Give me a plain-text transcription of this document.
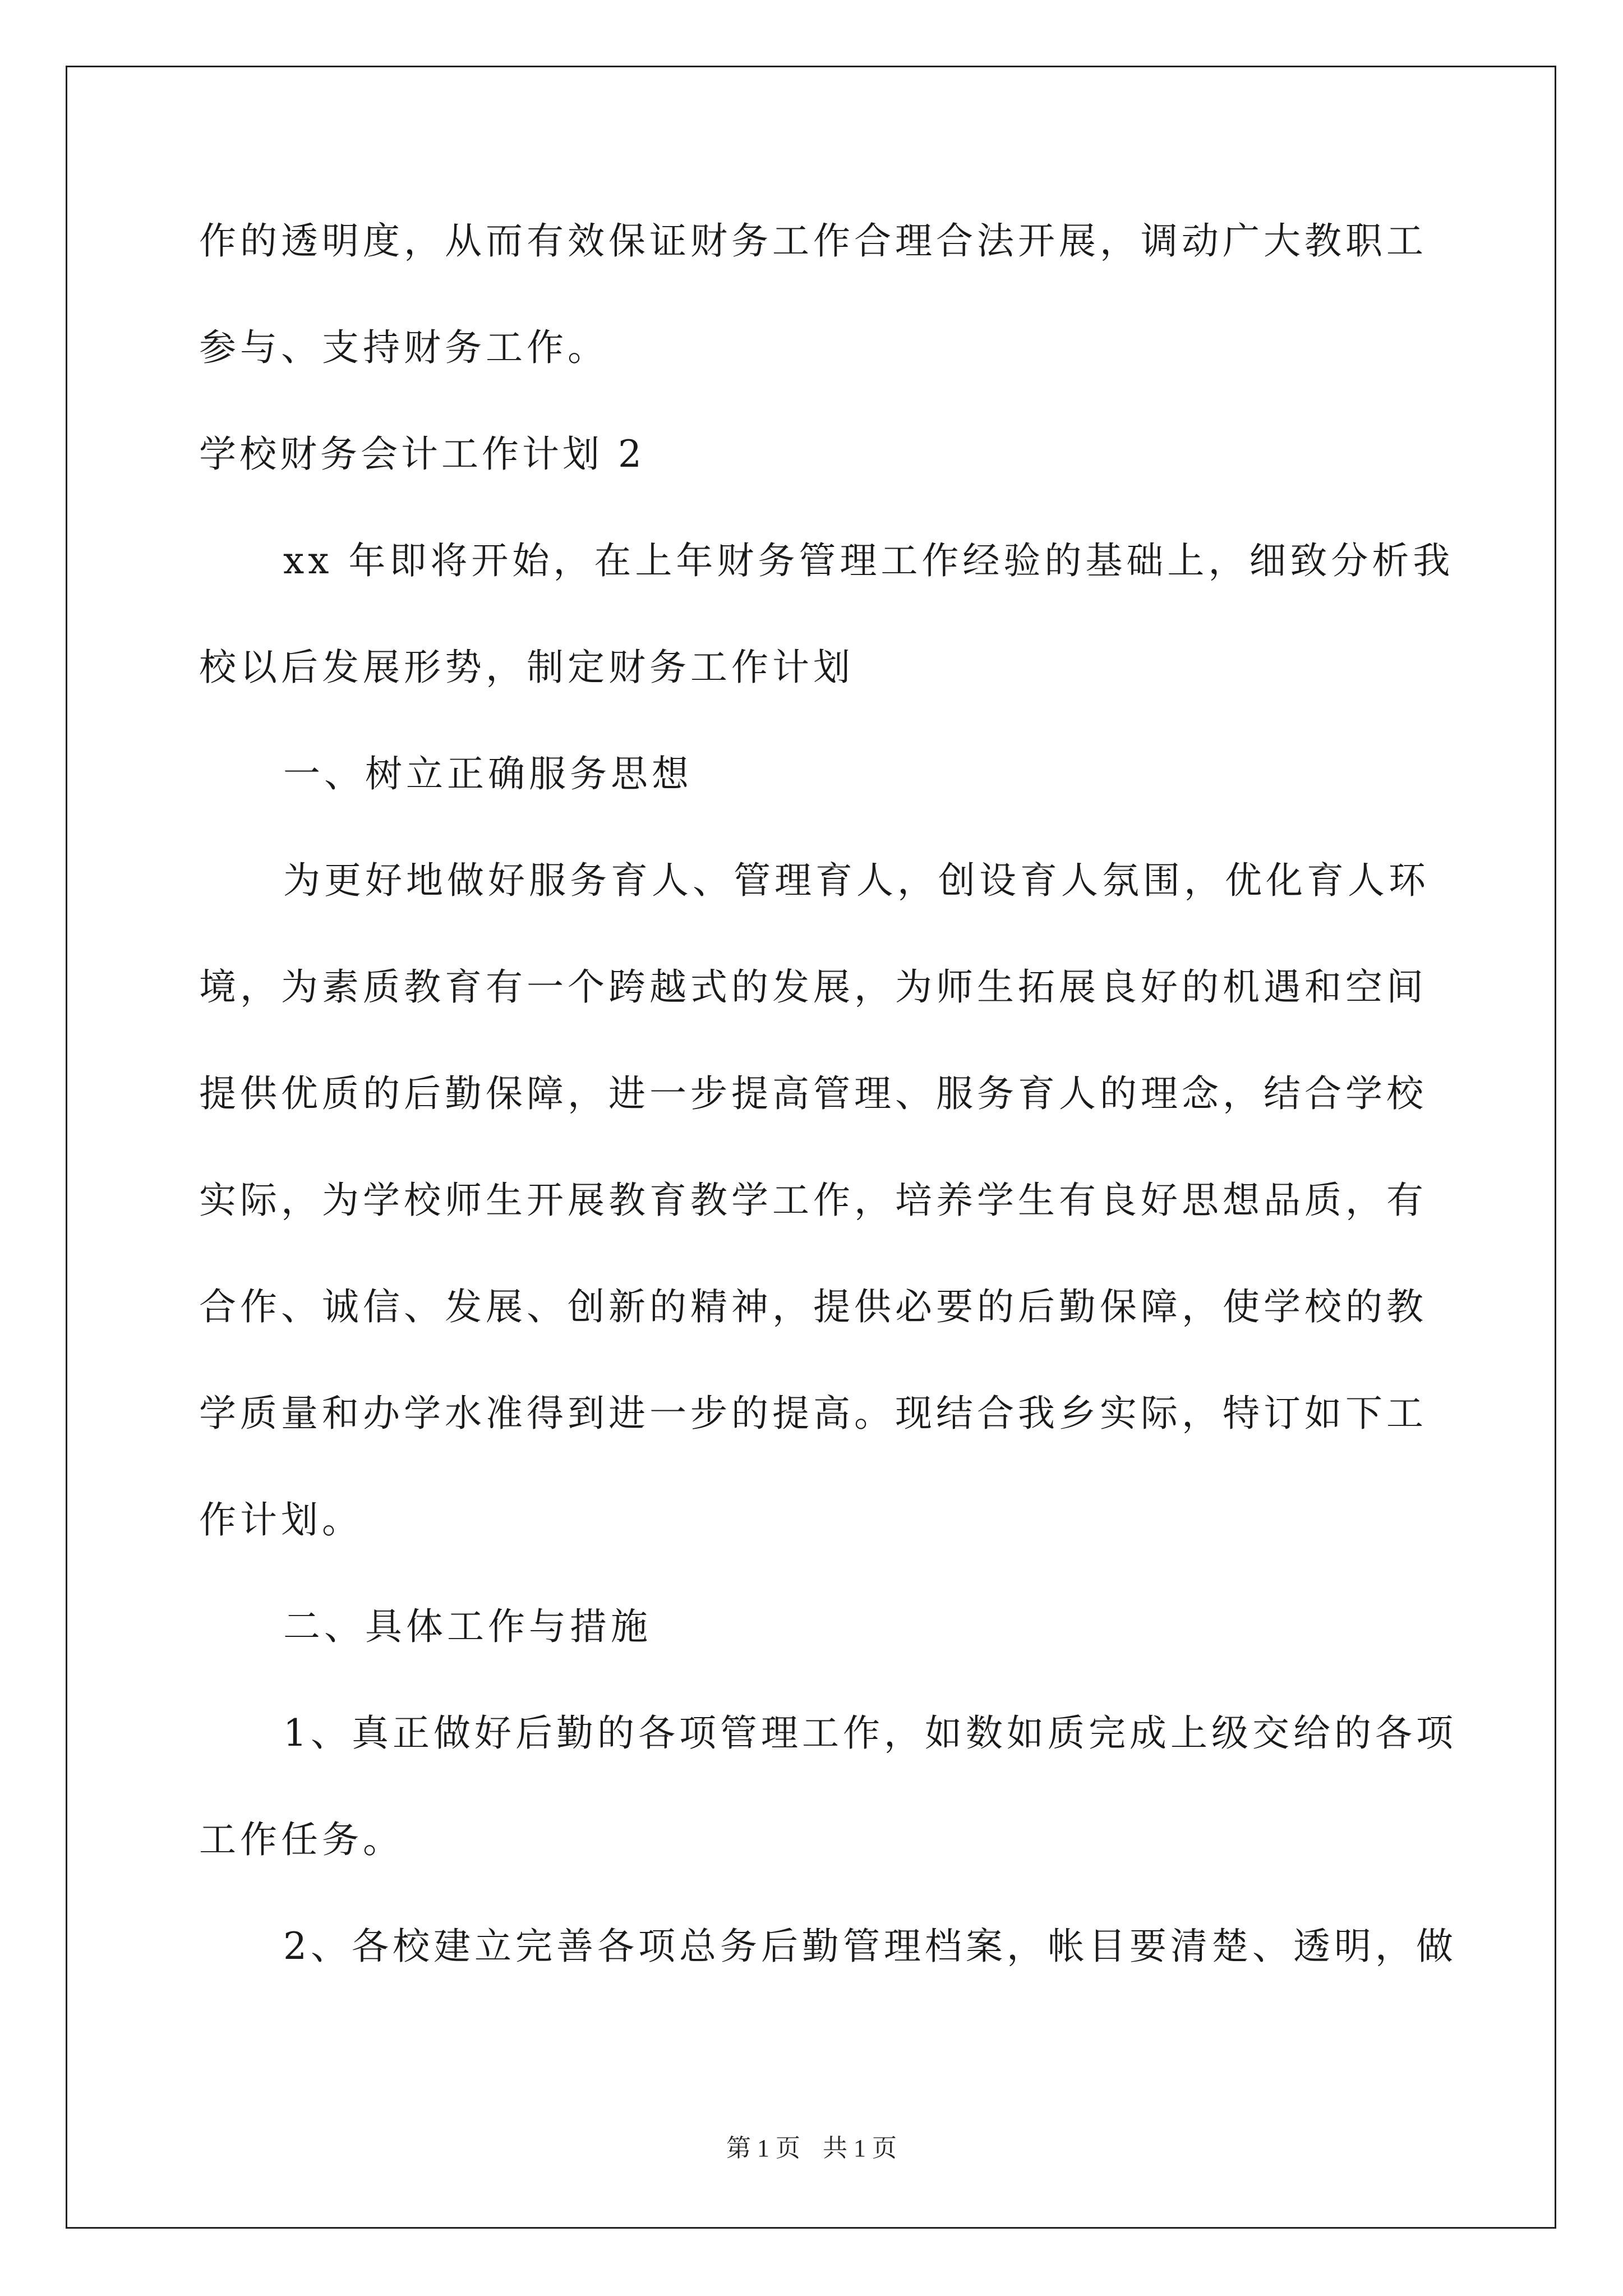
作的透明度，从而有效保证财务工作合理合法开展，调动广大教职工
参与、支持财务工作。
学校财务会计工作计划 2
xx 年即将开始，在上年财务管理工作经验的基础上，细致分析我
校以后发展形势，制定财务工作计划
一、树立正确服务思想
为更好地做好服务育人、管理育人，创设育人氛围，优化育人环
境，为素质教育有一个跨越式的发展，为师生拓展良好的机遇和空间
提供优质的后勤保障，进一步提高管理、服务育人的理念，结合学校
实际，为学校师生开展教育教学工作，培养学生有良好思想品质，有
合作、诚信、发展、创新的精神，提供必要的后勤保障，使学校的教
学质量和办学水准得到进一步的提高。现结合我乡实际，特订如下工
作计划。
二、具体工作与措施
1、真正做好后勤的各项管理工作，如数如质完成上级交给的各项
工作任务。
2、各校建立完善各项总务后勤管理档案，帐目要清楚、透明，做
第 1 页 共 1 页
